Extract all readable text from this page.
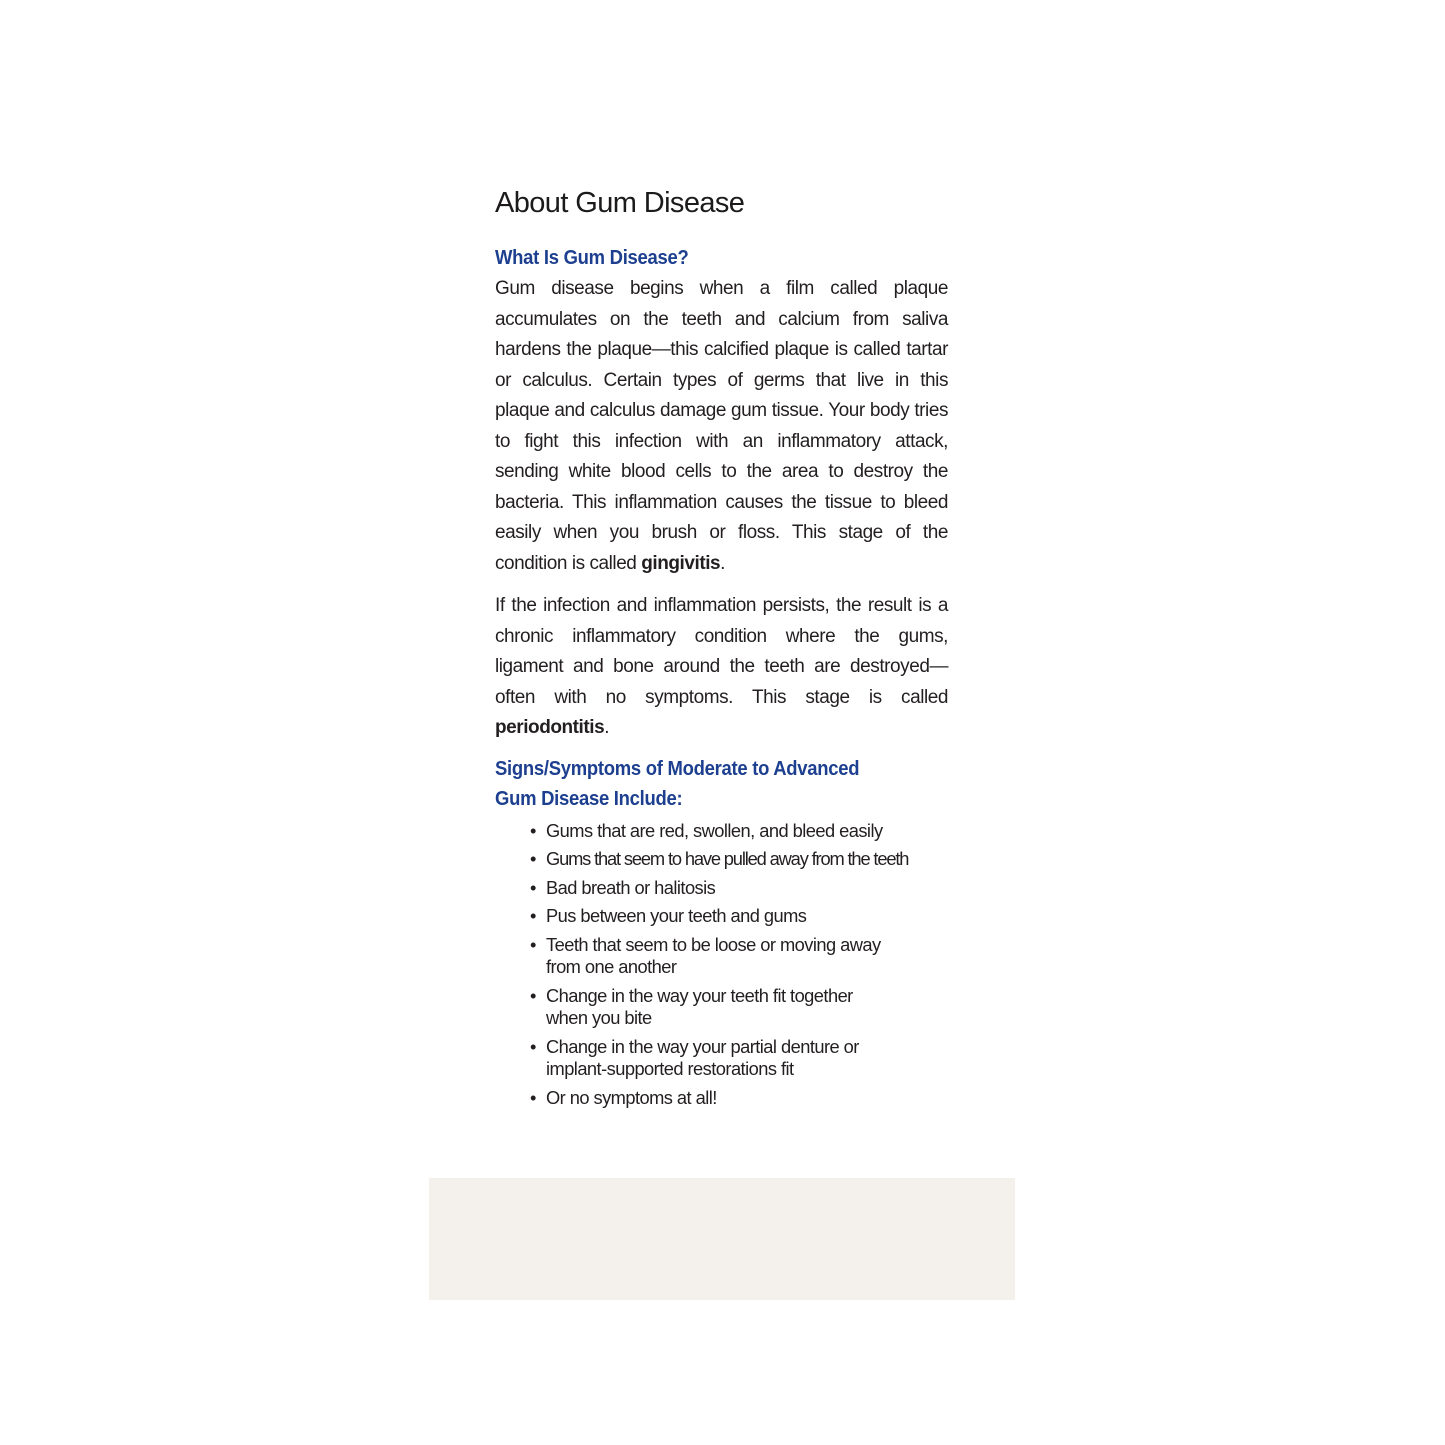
About Gum Disease
What Is Gum Disease?

Gum disease begins when a film called plaque accumulates on the teeth and calcium from saliva hardens the plaque—this calcified plaque is called tartar or calculus. Certain types of germs that live in this plaque and calculus damage gum tissue. Your body tries to fight this infection with an inflammatory attack, sending white blood cells to the area to destroy the bacteria. This inflammation causes the tissue to bleed easily when you brush or floss. This stage of the condition is called gingivitis.

If the infection and inflammation persists, the result is a chronic inflammatory condition where the gums, ligament and bone around the teeth are destroyed—often with no symptoms. This stage is called periodontitis.

Signs/Symptoms of Moderate to Advanced
Gum Disease Include:
• Gums that are red, swollen, and bleed easily
• Gums that seem to have pulled away from the teeth
• Bad breath or halitosis
• Pus between your teeth and gums
• Teeth that seem to be loose or moving away from one another
• Change in the way your teeth fit together when you bite
• Change in the way your partial denture or implant-supported restorations fit
• Or no symptoms at all!
